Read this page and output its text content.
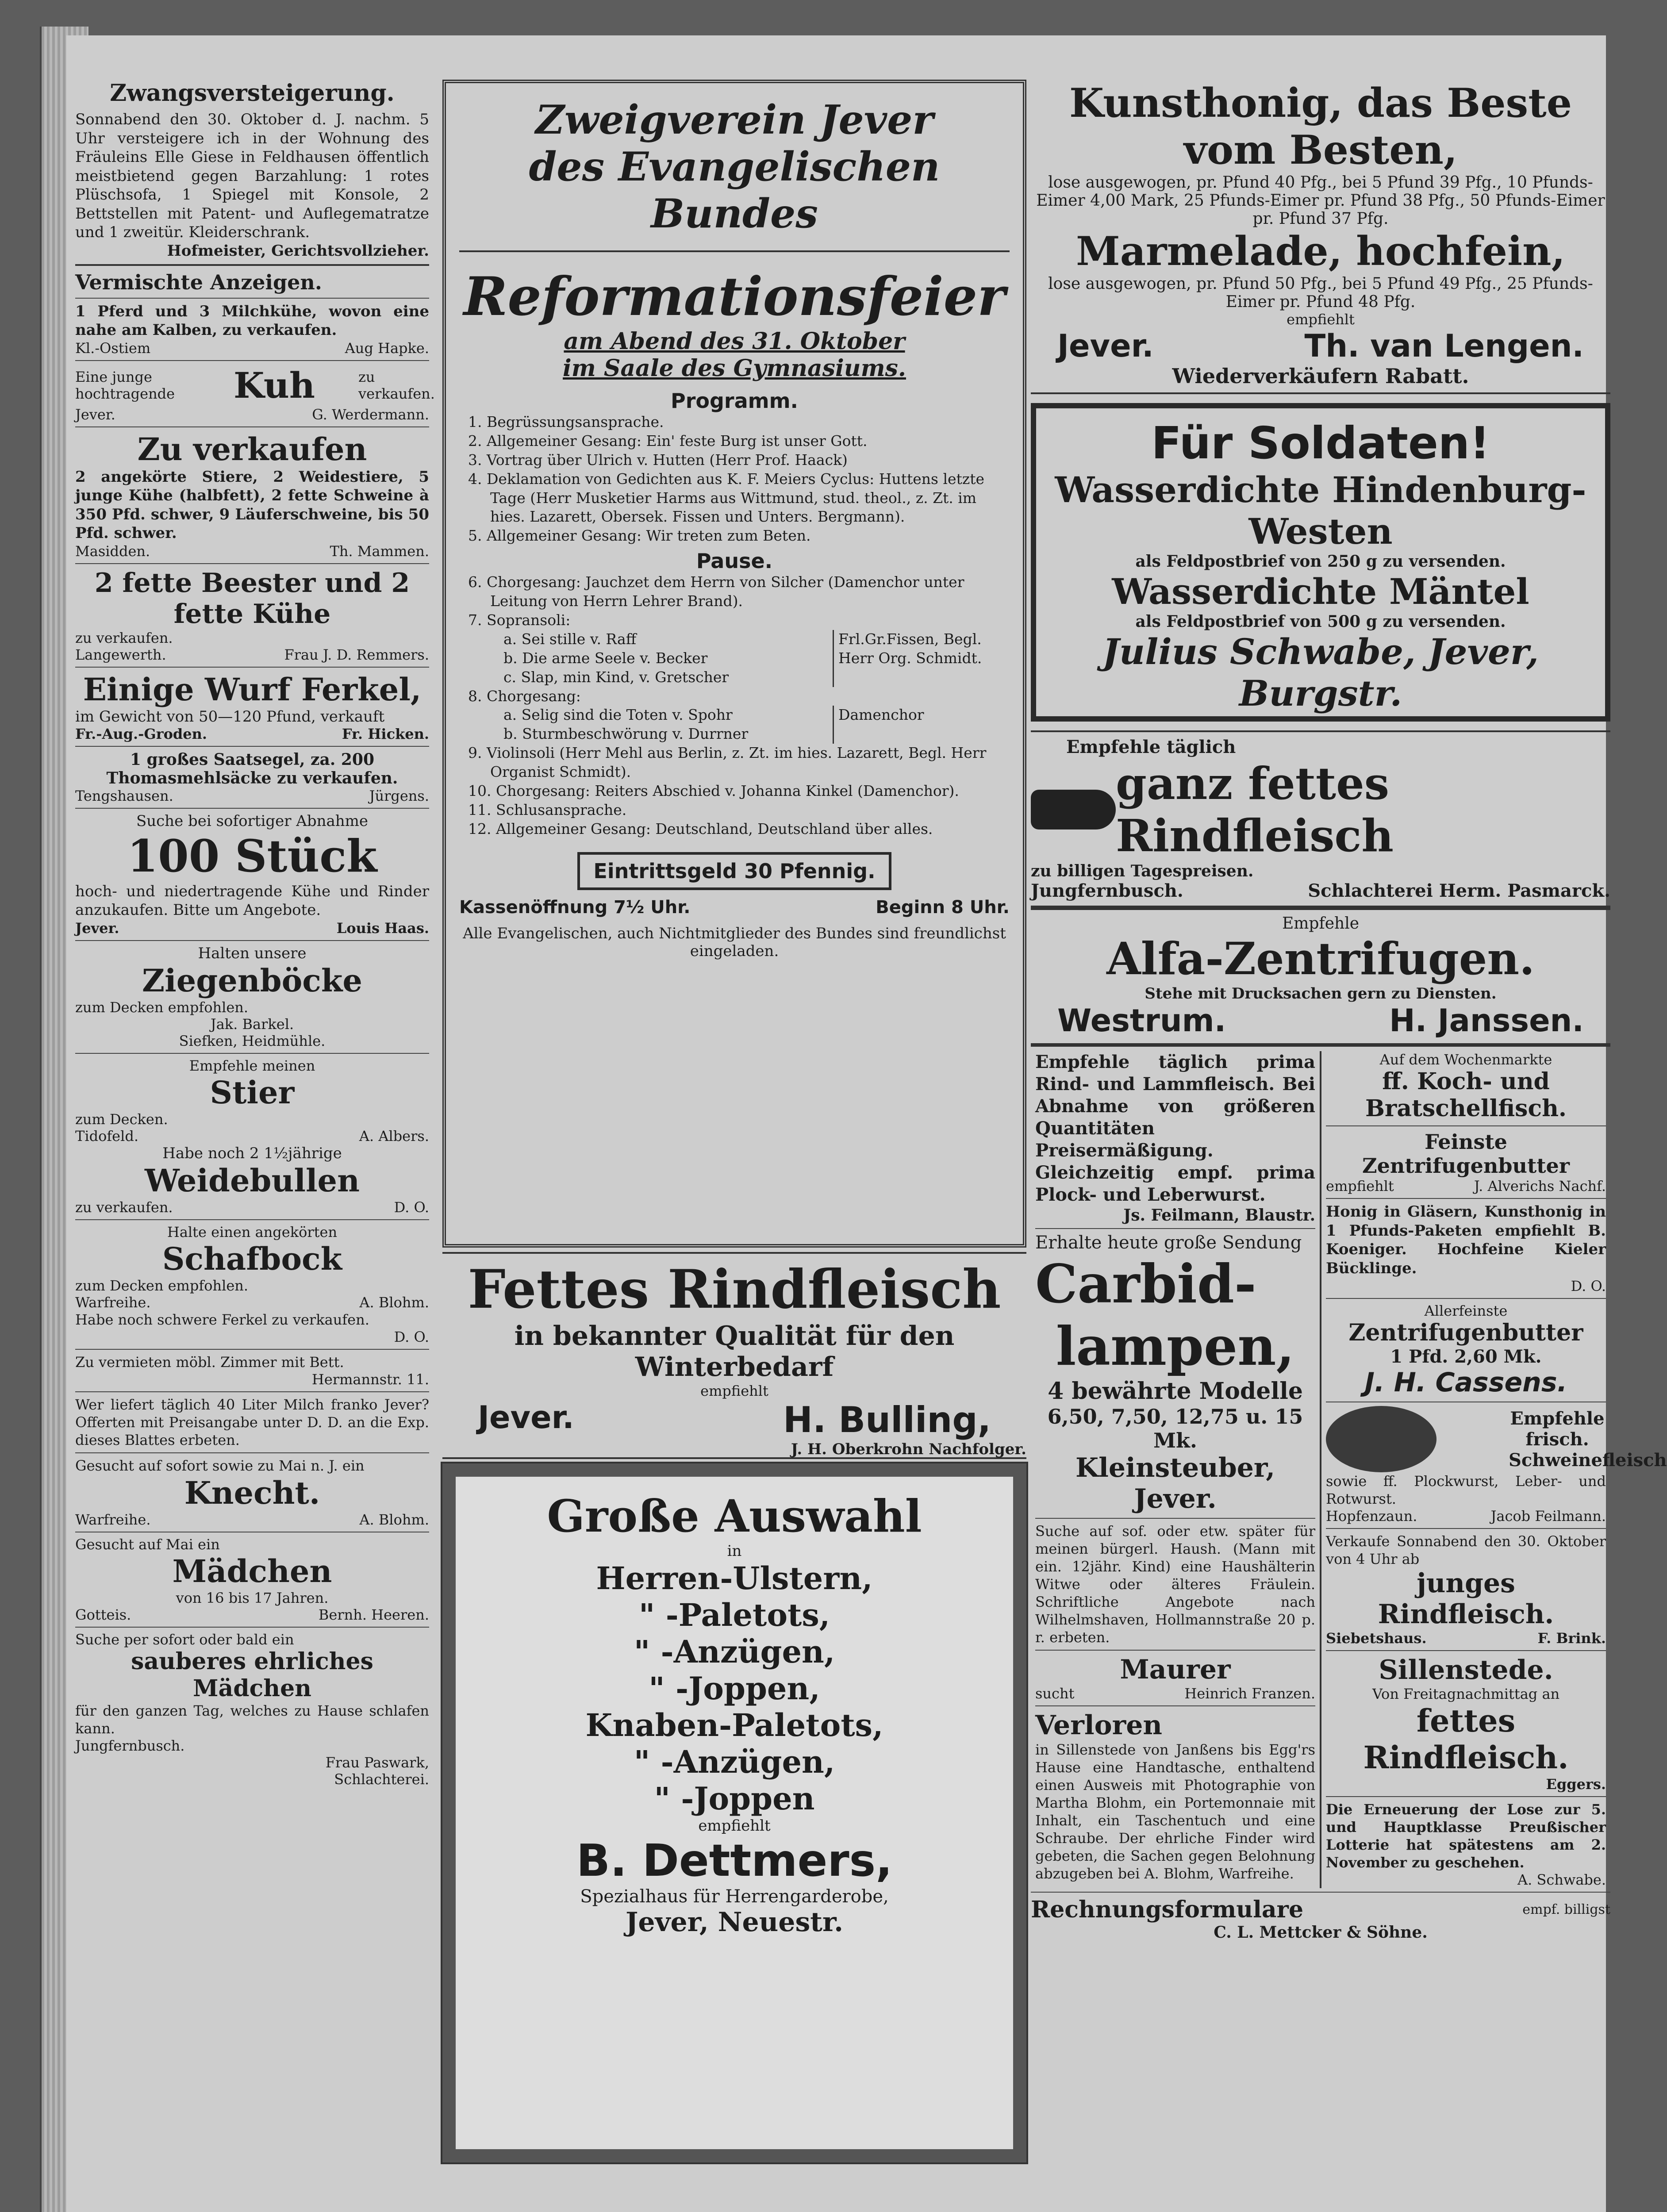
Zwangsversteigerung.
Sonnabend den 30. Oktober d. J. nachm. 5 Uhr versteigere ich in der Wohnung des Fräuleins Elle Giese in Feldhausen öffentlich meistbietend gegen Barzahlung: 1 rotes Plüschsofa, 1 Spiegel mit Konsole, 2 Bettstellen mit Patent- und Auflegematratze und 1 zweitür. Kleiderschrank.
Hofmeister, Gerichtsvollzieher.
Vermischte Anzeigen.
1 Pferd und 3 Milchkühe, wovon eine nahe am Kalben, zu verkaufen.
Kl.-Ostiem	Aug Hapke.
Eine junge hochtragende	Kuh	zu verkaufen.
Jever.	G. Werdermann.
Zu verkaufen
2 angekörte Stiere, 2 Weidestiere, 5 junge Kühe (halbfett), 2 fette Schweine à 350 Pfd. schwer, 9 Läuferschweine, bis 50 Pfd. schwer.
Masidden.	Th. Mammen.
2 fette Beester und 2 fette Kühe
zu verkaufen.
Langewerth.	Frau J. D. Remmers.
Einige Wurf Ferkel,
im Gewicht von 50—120 Pfund, verkauft
Fr.-Aug.-Groden.	Fr. Hicken.
1 großes Saatsegel, za. 200 Thomasmehlsäcke zu verkaufen.
Tengshausen.	Jürgens.
Suche bei sofortiger Abnahme
100 Stück
hoch- und niedertragende Kühe und Rinder anzukaufen. Bitte um Angebote.
Jever.	Louis Haas.
Halten unsere
Ziegenböcke
zum Decken empfohlen.
Jak. Barkel.
Siefken, Heidmühle.
Empfehle meinen
Stier
zum Decken.
Tidofeld.	A. Albers.
Habe noch 2 1½jährige
Weidebullen
zu verkaufen.	D. O.
Halte einen angekörten
Schafbock
zum Decken empfohlen.
Warfreihe.	A. Blohm.
Habe noch schwere Ferkel zu verkaufen.
D. O.
Zu vermieten möbl. Zimmer mit Bett.
Hermannstr. 11.
Wer liefert täglich 40 Liter Milch franko Jever? Offerten mit Preisangabe unter D. D. an die Exp. dieses Blattes erbeten.
Gesucht auf sofort sowie zu Mai n. J. ein
Knecht.
Warfreihe.	A. Blohm.
Gesucht auf Mai ein
Mädchen
von 16 bis 17 Jahren.
Gotteis.	Bernh. Heeren.
Suche per sofort oder bald ein
sauberes ehrliches Mädchen
für den ganzen Tag, welches zu Hause schlafen kann.
Jungfernbusch.
Frau Paswark,
Schlachterei.
Zweigverein Jever
des Evangelischen Bundes
Reformationsfeier
am Abend des 31. Oktober
im Saale des Gymnasiums.
Programm.
1. Begrüssungsansprache.
2. Allgemeiner Gesang: Ein' feste Burg ist unser Gott.
3. Vortrag über Ulrich v. Hutten (Herr Prof. Haack)
4. Deklamation von Gedichten aus K. F. Meiers Cyclus: Huttens letzte Tage (Herr Musketier Harms aus Wittmund, stud. theol., z. Zt. im hies. Lazarett, Obersek. Fissen und Unters. Bergmann).
5. Allgemeiner Gesang: Wir treten zum Beten.
Pause.
6. Chorgesang: Jauchzet dem Herrn von Silcher (Damenchor unter Leitung von Herrn Lehrer Brand).
7. Sopransoli:
a. Sei stille v. Raff
b. Die arme Seele v. Becker
c. Slap, min Kind, v. Gretscher
Frl.Gr.Fissen, Begl. Herr Org. Schmidt.
8. Chorgesang:
a. Selig sind die Toten v. Spohr
b. Sturmbeschwörung v. Durrner
Damenchor
9. Violinsoli (Herr Mehl aus Berlin, z. Zt. im hies. Lazarett, Begl. Herr Organist Schmidt).
10. Chorgesang: Reiters Abschied v. Johanna Kinkel (Damenchor).
11. Schlusansprache.
12. Allgemeiner Gesang: Deutschland, Deutschland über alles.
Eintrittsgeld 30 Pfennig.
Kassenöffnung 7½ Uhr.	Beginn 8 Uhr.
Alle Evangelischen, auch Nichtmitglieder des Bundes sind freundlichst eingeladen.
Fettes Rindfleisch
in bekannter Qualität für den Winterbedarf
empfiehlt
Jever.	H. Bulling,
J. H. Oberkrohn Nachfolger.
Große Auswahl
in
Herren-Ulstern,
" -Paletots,
" -Anzügen,
" -Joppen,
Knaben-Paletots,
" -Anzügen,
" -Joppen
empfiehlt
B. Dettmers,
Spezialhaus für Herrengarderobe,
Jever, Neuestr.
Kunsthonig, das Beste vom Besten,
lose ausgewogen, pr. Pfund 40 Pfg., bei 5 Pfund 39 Pfg., 10 Pfunds-Eimer 4,00 Mark, 25 Pfunds-Eimer pr. Pfund 38 Pfg., 50 Pfunds-Eimer pr. Pfund 37 Pfg.
Marmelade, hochfein,
lose ausgewogen, pr. Pfund 50 Pfg., bei 5 Pfund 49 Pfg., 25 Pfunds-Eimer pr. Pfund 48 Pfg.
empfiehlt
Jever.	Th. van Lengen.
Wiederverkäufern Rabatt.
Für Soldaten!
Wasserdichte Hindenburg-Westen
als Feldpostbrief von 250 g zu versenden.
Wasserdichte Mäntel
als Feldpostbrief von 500 g zu versenden.
Julius Schwabe, Jever, Burgstr.
Empfehle täglich
ganz fettes Rindfleisch
zu billigen Tagespreisen.
Jungfernbusch.	Schlachterei Herm. Pasmarck.
Empfehle
Alfa-Zentrifugen.
Stehe mit Drucksachen gern zu Diensten.
Westrum.	H. Janssen.
Empfehle täglich prima Rind- und Lammfleisch. Bei Abnahme von größeren Quantitäten Preisermäßigung. Gleichzeitig empf. prima Plock- und Leberwurst.
Js. Feilmann, Blaustr.
Erhalte heute große Sendung
Carbid-
lampen,
4 bewährte Modelle
6,50, 7,50, 12,75 u. 15 Mk.
Kleinsteuber, Jever.
Suche auf sof. oder etw. später für meinen bürgerl. Haush. (Mann mit ein. 12jähr. Kind) eine Haushälterin Witwe oder älteres Fräulein. Schriftliche Angebote nach Wilhelmshaven, Hollmannstraße 20 p. r. erbeten.
Maurer
sucht	Heinrich Franzen.
Verloren
in Sillenstede von Janßens bis Egg'rs Hause eine Handtasche, enthaltend einen Ausweis mit Photographie von Martha Blohm, ein Portemonnaie mit Inhalt, ein Taschentuch und eine Schraube. Der ehrliche Finder wird gebeten, die Sachen gegen Belohnung abzugeben bei A. Blohm, Warfreihe.
Auf dem Wochenmarkte
ff. Koch- und Bratschellfisch.
Feinste Zentrifugenbutter
empfiehlt	J. Alverichs Nachf.
Honig in Gläsern, Kunsthonig in 1 Pfunds-Paketen empfiehlt B. Koeniger. Hochfeine Kieler Bücklinge.
D. O.
Allerfeinste
Zentrifugenbutter
1 Pfd. 2,60 Mk.
J. H. Cassens.
Empfehle frisch. Schweinefleisch
sowie ff. Plockwurst, Leber- und Rotwurst.
Hopfenzaun.	Jacob Feilmann.
Verkaufe Sonnabend den 30. Oktober von 4 Uhr ab
junges Rindfleisch.
Siebetshaus.	F. Brink.
Sillenstede.
Von Freitagnachmittag an
fettes Rindfleisch.
Eggers.
Die Erneuerung der Lose zur 5. und Hauptklasse Preußischer Lotterie hat spätestens am 2. November zu geschehen.
A. Schwabe.
Rechnungsformulare	empf. billigst
C. L. Mettcker & Söhne.
